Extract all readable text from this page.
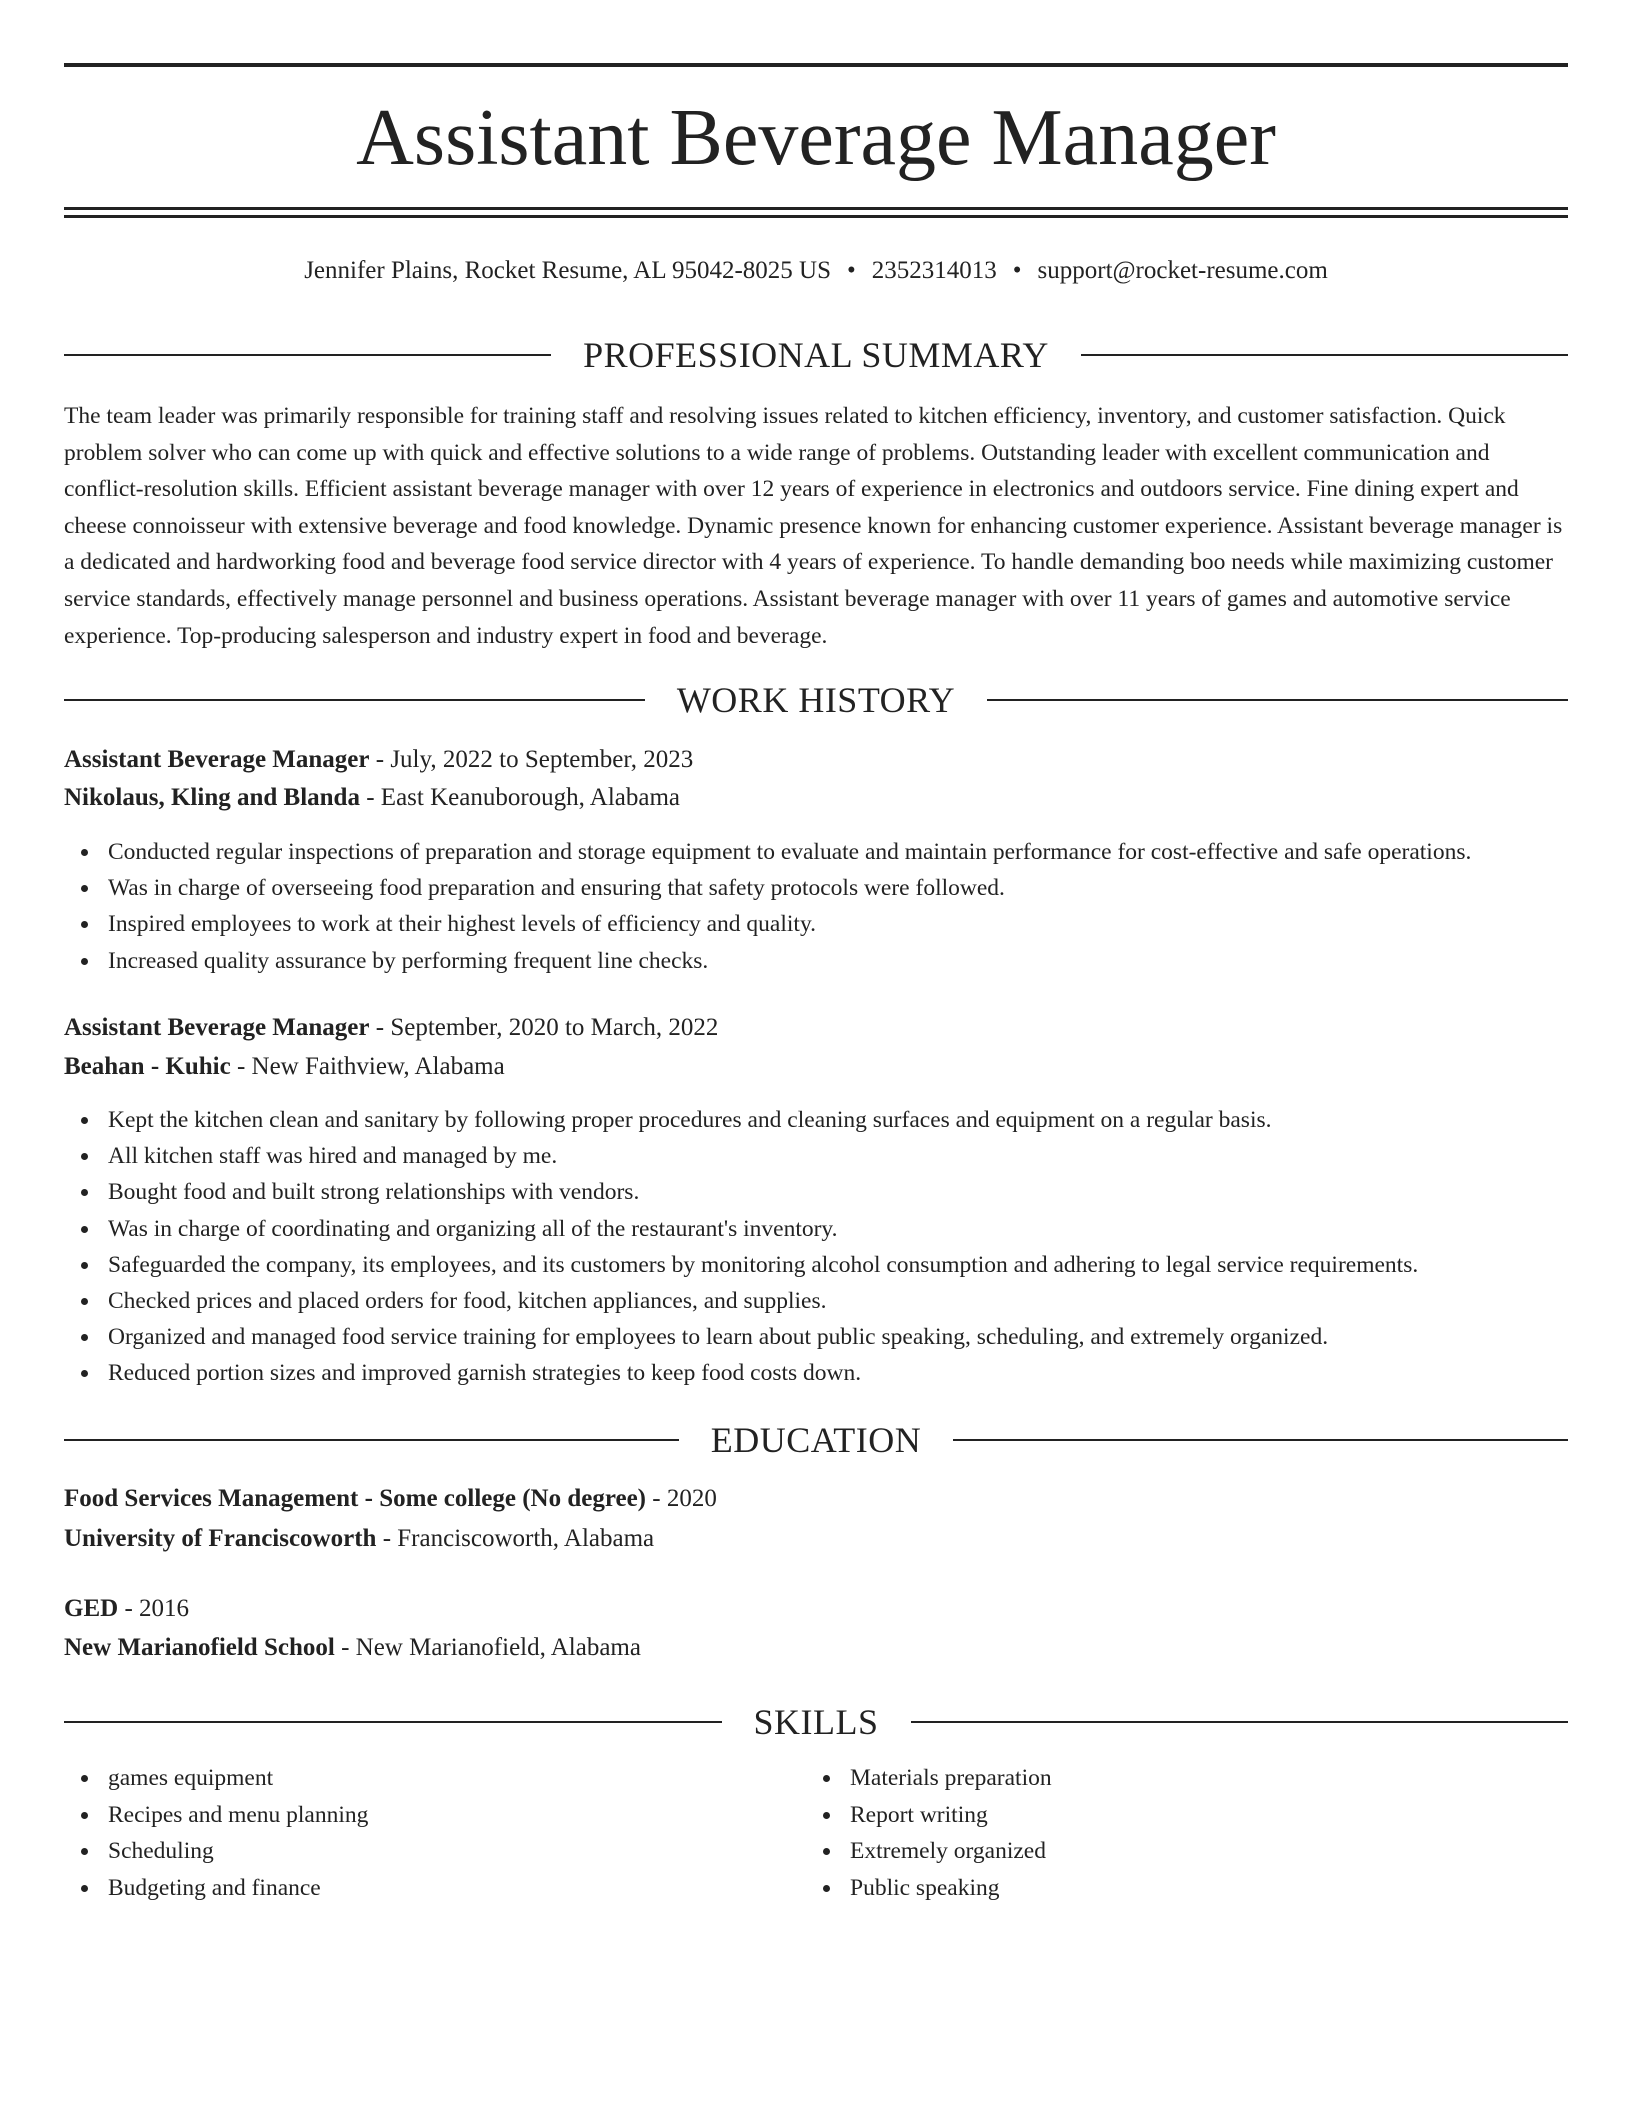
Assistant Beverage Manager
Jennifer Plains, Rocket Resume, AL 95042-8025 US • 2352314013 • support@rocket-resume.com
PROFESSIONAL SUMMARY

The team leader was primarily responsible for training staff and resolving issues related to kitchen efficiency, inventory, and customer satisfaction. Quick problem solver who can come up with quick and effective solutions to a wide range of problems. Outstanding leader with excellent communication and conflict-resolution skills. Efficient assistant beverage manager with over 12 years of experience in electronics and outdoors service. Fine dining expert and cheese connoisseur with extensive beverage and food knowledge. Dynamic presence known for enhancing customer experience. Assistant beverage manager is a dedicated and hardworking food and beverage food service director with 4 years of experience. To handle demanding boo needs while maximizing customer service standards, effectively manage personnel and business operations. Assistant beverage manager with over 11 years of games and automotive service experience. Top-producing salesperson and industry expert in food and beverage.

WORK HISTORY
Assistant Beverage Manager - July, 2022 to September, 2023
Nikolaus, Kling and Blanda - East Keanuborough, Alabama
Conducted regular inspections of preparation and storage equipment to evaluate and maintain performance for cost-effective and safe operations.
Was in charge of overseeing food preparation and ensuring that safety protocols were followed.
Inspired employees to work at their highest levels of efficiency and quality.
Increased quality assurance by performing frequent line checks.
Assistant Beverage Manager - September, 2020 to March, 2022
Beahan - Kuhic - New Faithview, Alabama
Kept the kitchen clean and sanitary by following proper procedures and cleaning surfaces and equipment on a regular basis.
All kitchen staff was hired and managed by me.
Bought food and built strong relationships with vendors.
Was in charge of coordinating and organizing all of the restaurant's inventory.
Safeguarded the company, its employees, and its customers by monitoring alcohol consumption and adhering to legal service requirements.
Checked prices and placed orders for food, kitchen appliances, and supplies.
Organized and managed food service training for employees to learn about public speaking, scheduling, and extremely organized.
Reduced portion sizes and improved garnish strategies to keep food costs down.
EDUCATION
Food Services Management - Some college (No degree) - 2020
University of Franciscoworth - Franciscoworth, Alabama
GED - 2016
New Marianofield School - New Marianofield, Alabama
SKILLS
games equipment
Recipes and menu planning
Scheduling
Budgeting and finance
Materials preparation
Report writing
Extremely organized
Public speaking
